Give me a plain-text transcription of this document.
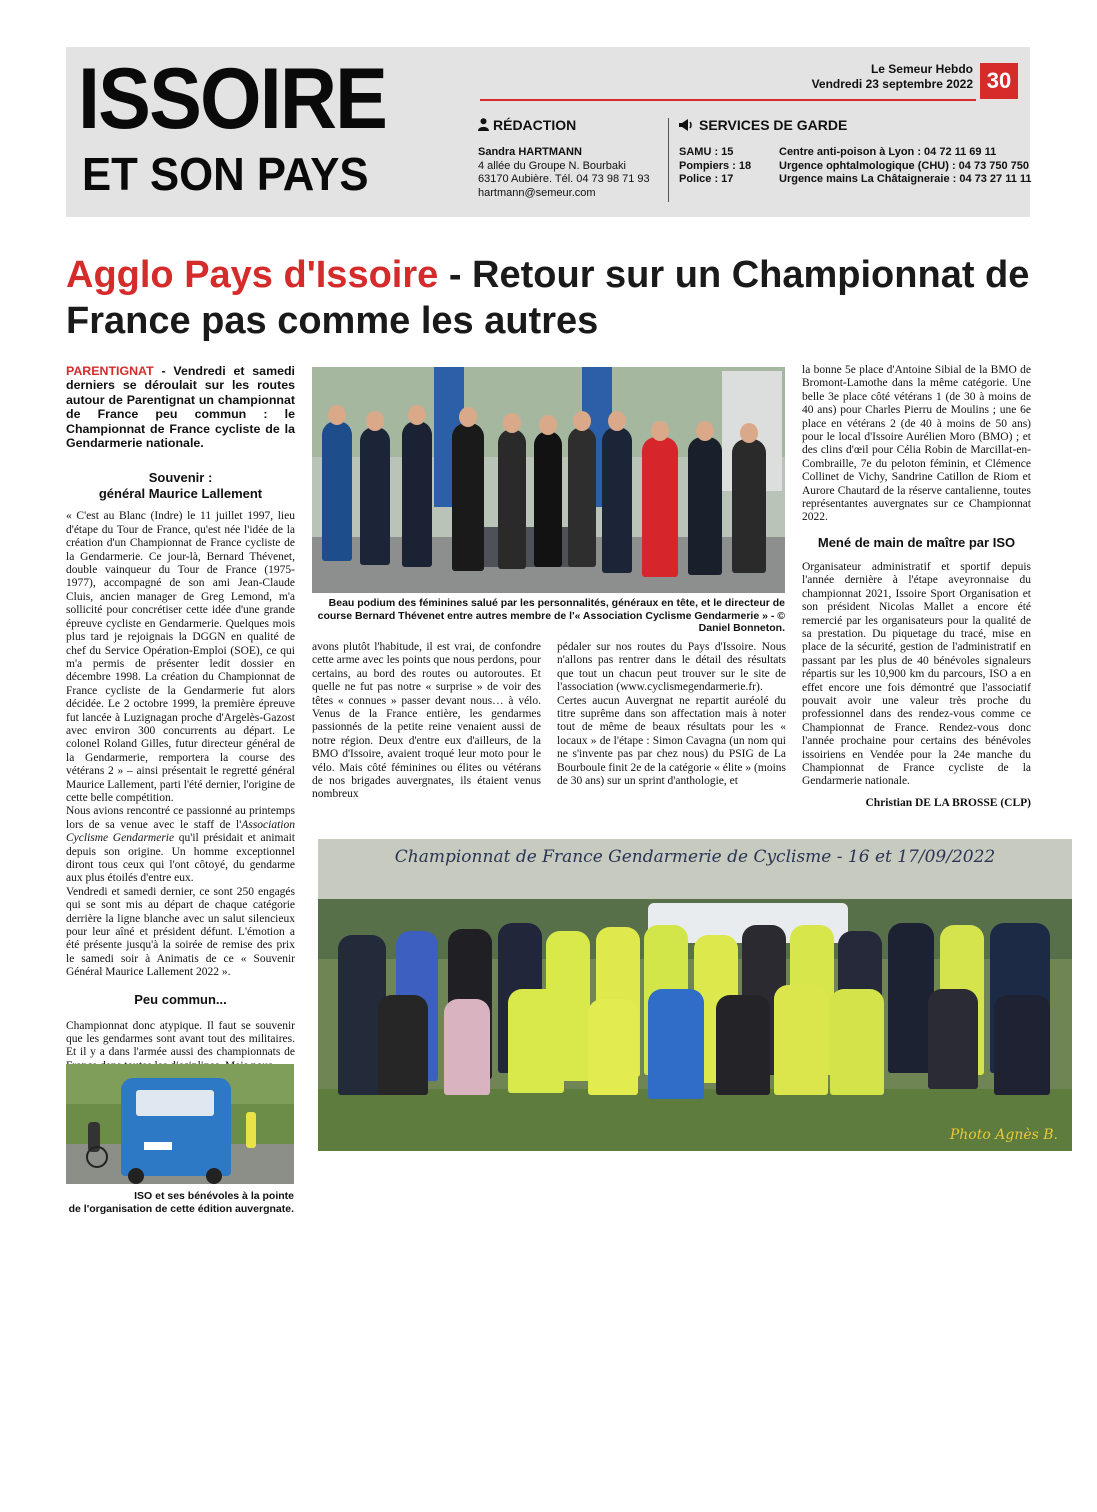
ISSOIRE
ET SON PAYS
Le Semeur Hebdo
Vendredi 23 septembre 2022 30
RÉDACTION
Sandra HARTMANN
4 allée du Groupe N. Bourbaki
63170 Aubière. Tél. 04 73 98 71 93
hartmann@semeur.com
SERVICES DE GARDE
SAMU : 15
Pompiers : 18
Police : 17
Centre anti-poison à Lyon : 04 72 11 69 11
Urgence ophtalmologique (CHU) : 04 73 750 750
Urgence mains La Châtaigneraie : 04 73 27 11 11
Agglo Pays d'Issoire - Retour sur un Championnat de France pas comme les autres

PARENTIGNAT - Vendredi et samedi derniers se déroulait sur les routes autour de Parentignat un championnat de France peu commun : le Championnat de France cycliste de la Gendarmerie nationale.

Souvenir :
général Maurice Lallement

« C'est au Blanc (Indre) le 11 juillet 1997, lieu d'étape du Tour de France, qu'est née l'idée de la création d'un Championnat de France cycliste de la Gendarmerie. Ce jour-là, Bernard Thévenet, double vainqueur du Tour de France (1975-1977), accompagné de son ami Jean-Claude Cluis, ancien manager de Greg Lemond, m'a sollicité pour concrétiser cette idée d'une grande épreuve cycliste en Gendarmerie. Quelques mois plus tard je rejoignais la DGGN en qualité de chef du Service Opération-Emploi (SOE), ce qui m'a permis de présenter ledit dossier en décembre 1998. La création du Championnat de France cycliste de la Gendarmerie fut alors décidée. Le 2 octobre 1999, la première épreuve fut lancée à Luzignagan proche d'Argelès-Gazost avec environ 300 concurrents au départ. Le colonel Roland Gilles, futur directeur général de la Gendarmerie, remportera la course des vétérans 2 » – ainsi présentait le regretté général Maurice Lallement, parti l'été dernier, l'origine de cette belle compétition.

Nous avions rencontré ce passionné au printemps lors de sa venue avec le staff de l'Association Cyclisme Gendarmerie qu'il présidait et animait depuis son origine. Un homme exceptionnel diront tous ceux qui l'ont côtoyé, du gendarme aux plus étoilés d'entre eux.

Vendredi et samedi dernier, ce sont 250 engagés qui se sont mis au départ de chaque catégorie derrière la ligne blanche avec un salut silencieux pour leur aîné et président défunt. L'émotion a été présente jusqu'à la soirée de remise des prix le samedi soir à Animatis de ce « Souvenir Général Maurice Lallement 2022 ».

Peu commun...

Championnat donc atypique. Il faut se souvenir que les gendarmes sont avant tout des militaires. Et il y a dans l'armée aussi des championnats de

ISO et ses bénévoles à la pointe
de l'organisation de cette édition auvergnate.
Beau podium des féminines salué par les personnalités, généraux en tête, et le directeur de course Bernard Thévenet entre autres membre de l'« Association Cyclisme Gendarmerie » - © Daniel Bonneton.

avons plutôt l'habitude, il est vrai, de confondre cette arme avec les points que nous perdons, pour certains, au bord des routes ou autoroutes. Et quelle ne fut pas notre « surprise » de voir des têtes « connues » passer devant nous… à vélo. Venus de la France entière, les gendarmes passionnés de la petite reine venaient aussi de notre région. Deux d'entre eux d'ailleurs, de la BMO d'Issoire, avaient troqué leur moto pour le vélo. Mais côté féminines ou élites ou vétérans de nos brigades auvergnates, ils étaient venus nombreux

pédaler sur nos routes du Pays d'Issoire. Nous n'allons pas rentrer dans le détail des résultats que tout un chacun peut trouver sur le site de l'association (www.cyclismegendarmerie.fr).

Certes aucun Auvergnat ne repartit auréolé du titre suprême dans son affectation mais à noter tout de même de beaux résultats pour les « locaux » de l'étape : Simon Cavagna (un nom qui ne s'invente pas par chez nous) du PSIG de La Bourboule finit 2e de la catégorie « élite » (moins de 30 ans) sur un sprint d'anthologie, et

la bonne 5e place d'Antoine Sibial de la BMO de Bromont-Lamothe dans la même catégorie. Une belle 3e place côté vétérans 1 (de 30 à moins de 40 ans) pour Charles Pierru de Moulins ; une 6e place en vétérans 2 (de 40 à moins de 50 ans) pour le local d'Issoire Aurélien Moro (BMO) ; et des clins d'œil pour Célia Robin de Marcillat-en-Combraille, 7e du peloton féminin, et Clémence Collinet de Vichy, Sandrine Catillon de Riom et Aurore Chautard de la réserve cantalienne, toutes représentantes auvergnates sur ce Championnat 2022.

Mené de main de maître par ISO

Organisateur administratif et sportif depuis l'année dernière à l'étape aveyronnaise du championnat 2021, Issoire Sport Organisation et son président Nicolas Mallet a encore été remercié par les organisateurs pour la qualité de sa prestation. Du piquetage du tracé, mise en place de la sécurité, gestion de l'administratif en passant par les plus de 40 bénévoles signaleurs répartis sur les 10,900 km du parcours, ISO a en effet encore une fois démontré que l'associatif pouvait avoir une valeur très proche du professionnel dans des rendez-vous comme ce Championnat de France. Rendez-vous donc l'année prochaine pour certains des bénévoles issoiriens en Vendée pour la 24e manche du Championnat de France cycliste de la Gendarmerie nationale.

Christian DE LA BROSSE (CLP)

Championnat de France Gendarmerie de Cyclisme - 16 et 17/09/2022
Photo Agnès B.
